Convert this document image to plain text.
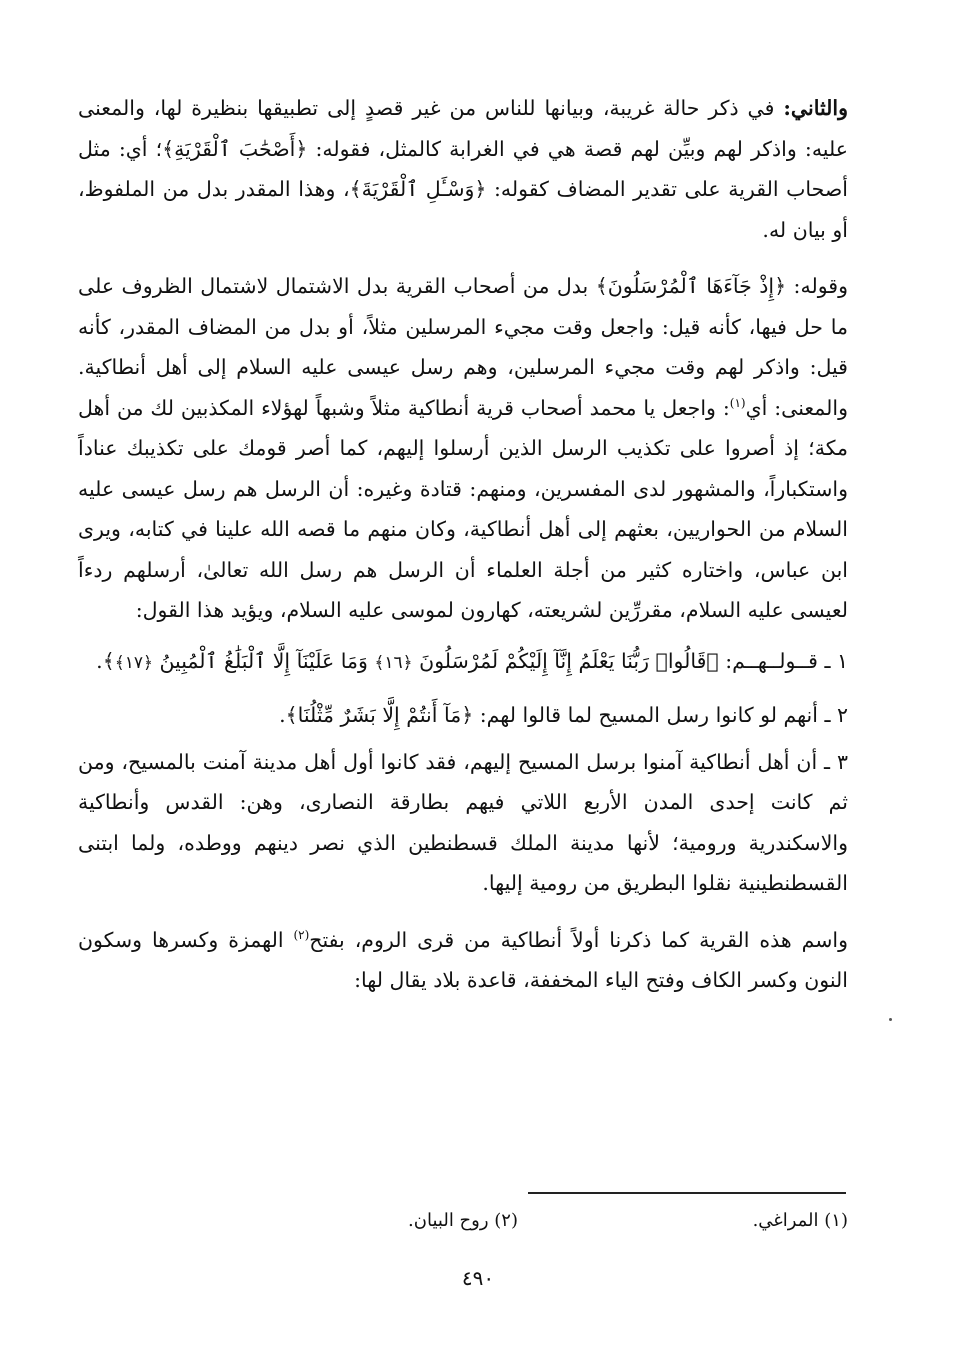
والثاني: في ذكر حالة غريبة، وبيانها للناس من غير قصدٍ إلى تطبيقها بنظيرة لها، والمعنى عليه: واذكر لهم وبيِّن لهم قصة هي في الغرابة كالمثل، فقوله: ﴿أَصْحَٰبَ ٱلْقَرْيَةِ﴾؛ أي: مثل أصحاب القرية على تقدير المضاف كقوله: ﴿وَسْـَٔلِ ٱلْقَرْيَةَ﴾، وهذا المقدر بدل من الملفوظ، أو بيان له.

وقوله: ﴿إِذْ جَآءَهَا ٱلْمُرْسَلُونَ﴾ بدل من أصحاب القرية بدل الاشتمال لاشتمال الظروف على ما حل فيها، كأنه قيل: واجعل وقت مجيء المرسلين مثلاً، أو بدل من المضاف المقدر، كأنه قيل: واذكر لهم وقت مجيء المرسلين، وهم رسل عيسى عليه السلام إلى أهل أنطاكية. والمعنى: أي$^{(١)}$: واجعل يا محمد أصحاب قرية أنطاكية مثلاً وشبهاً لهؤلاء المكذبين لك من أهل مكة؛ إذ أصروا على تكذيب الرسل الذين أرسلوا إليهم، كما أصر قومك على تكذيبك عناداً واستكباراً، والمشهور لدى المفسرين، ومنهم: قتادة وغيره: أن الرسل هم رسل عيسى عليه السلام من الحواريين، بعثهم إلى أهل أنطاكية، وكان منهم ما قصه الله علينا في كتابه، ويرى ابن عباس، واختاره كثير من أجلة العلماء أن الرسل هم رسل الله تعالىٰ، أرسلهم ردءاً لعيسى عليه السلام، مقررِّين لشريعته، كهارون لموسى عليه السلام، ويؤيد هذا القول:

١ ـ قــولــهــم: ﴿قَالُوا۟ رَبُّنَا يَعْلَمُ إِنَّآ إِلَيْكُمْ لَمُرْسَلُونَ ﴿١٦﴾ وَمَا عَلَيْنَآ إِلَّا ٱلْبَلَٰغُ ٱلْمُبِينُ ﴿١٧﴾﴾.

٢ ـ أنهم لو كانوا رسل المسيح لما قالوا لهم: ﴿مَآ أَنتُمْ إِلَّا بَشَرٌ مِّثْلُنَا﴾.

٣ ـ أن أهل أنطاكية آمنوا برسل المسيح إليهم، فقد كانوا أول أهل مدينة آمنت بالمسيح، ومن ثم كانت إحدى المدن الأربع اللاتي فيهم بطارقة النصارى، وهن: القدس وأنطاكية والاسكندرية ورومية؛ لأنها مدينة الملك قسطنطين الذي نصر دينهم ووطده، ولما ابتنى القسطنطينية نقلوا البطريق من رومية إليها.

واسم هذه القرية كما ذكرنا أولاً أنطاكية من قرى الروم، بفتح$^{(٢)}$ الهمزة وكسرها وسكون النون وكسر الكاف وفتح الياء المخففة، قاعدة بلاد يقال لها:

(١) المراغي.
(٢) روح البيان.
٤٩٠
